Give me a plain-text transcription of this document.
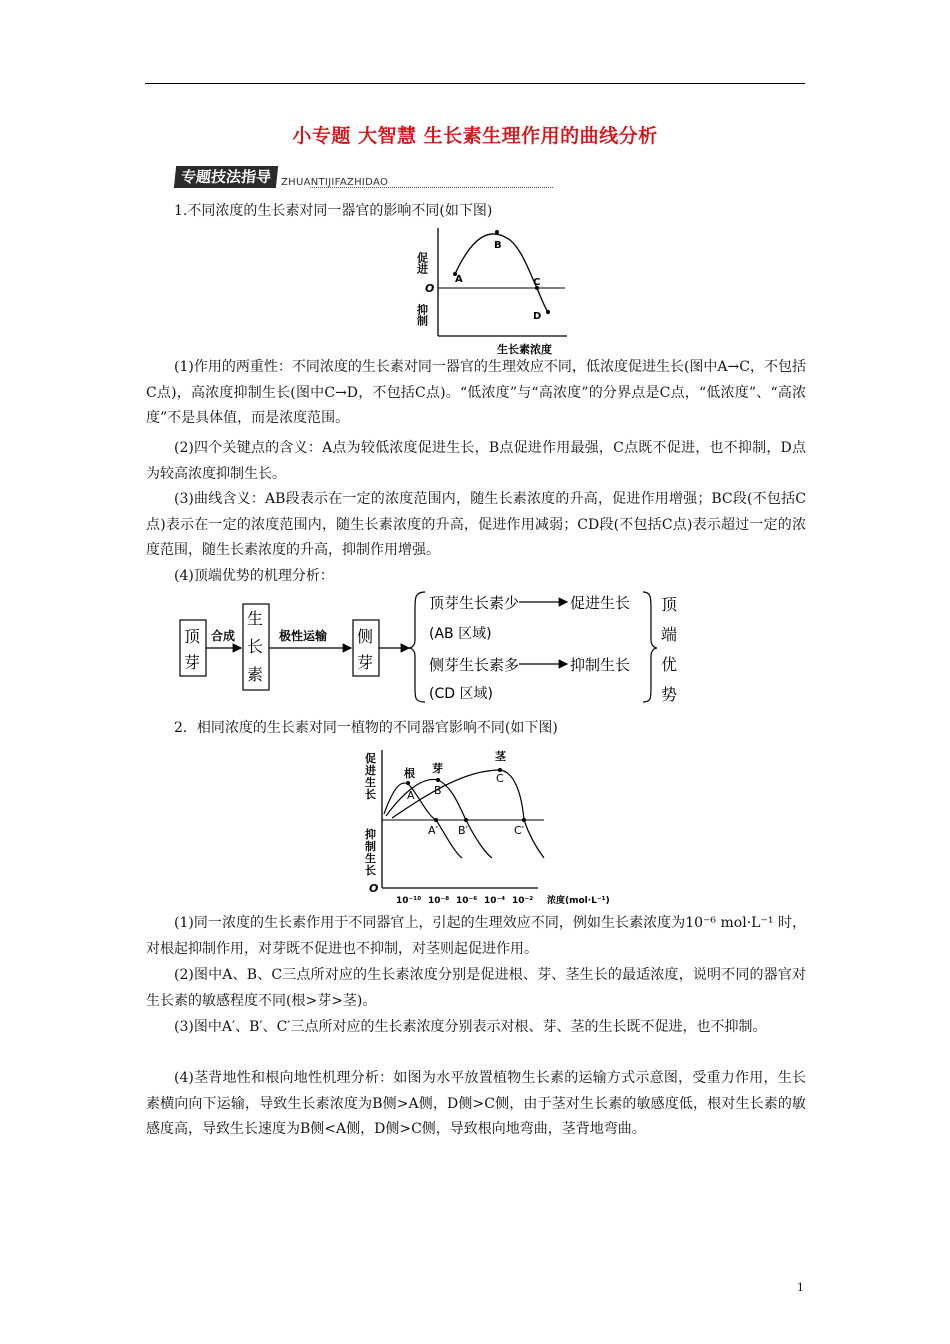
小专题 大智慧 生长素生理作用的曲线分析
专题技法指导 ZHUANTIJIFAZHIDAO
1.不同浓度的生长素对同一器官的影响不同(如下图)
促进
抑制
O
A
B
C
D
生长素浓度
(1)作用的两重性：不同浓度的生长素对同一器官的生理效应不同，低浓度促进生长(图中A→C，不包括C点)，高浓度抑制生长(图中C→D，不包括C点)。“低浓度”与“高浓度”的分界点是C点，“低浓度”、“高浓度”不是具体值，而是浓度范围。
(2)四个关键点的含义：A点为较低浓度促进生长，B点促进作用最强，C点既不促进，也不抑制，D点为较高浓度抑制生长。
(3)曲线含义：AB段表示在一定的浓度范围内，随生长素浓度的升高，促进作用增强；BC段(不包括C点)表示在一定的浓度范围内，随生长素浓度的升高，促进作用减弱；CD段(不包括C点)表示超过一定的浓度范围，随生长素浓度的升高，抑制作用增强。
(4)顶端优势的机理分析：
顶
芽
合成
生
长
素
极性运输 侧
芽
顶芽生长素少	促进生长
(AB 区域)
侧芽生长素多	抑制生长
(CD 区域)
顶
端
优
势
2．相同浓度的生长素对同一植物的不同器官影响不同(如下图)
促
进
生
长
抑
制
生
长
O
根 芽
茎
A B
C
A′ B′	C′
10⁻¹⁰ 10⁻⁸ 10⁻⁶ 10⁻⁴ 10⁻² 浓度(mol·L⁻¹)
(1)同一浓度的生长素作用于不同器官上，引起的生理效应不同，例如生长素浓度为10⁻⁶ mol·L⁻¹ 时，对根起抑制作用，对芽既不促进也不抑制，对茎则起促进作用。
(2)图中A、B、C三点所对应的生长素浓度分别是促进根、芽、茎生长的最适浓度，说明不同的器官对生长素的敏感程度不同(根>芽>茎)。
(3)图中A′、B′、C′三点所对应的生长素浓度分别表示对根、芽、茎的生长既不促进，也不抑制。
(4)茎背地性和根向地性机理分析：如图为水平放置植物生长素的运输方式示意图，受重力作用，生长素横向向下运输，导致生长素浓度为B侧>A侧，D侧>C侧，由于茎对生长素的敏感度低，根对生长素的敏感度高，导致生长速度为B侧<A侧，D侧>C侧，导致根向地弯曲，茎背地弯曲。
1
